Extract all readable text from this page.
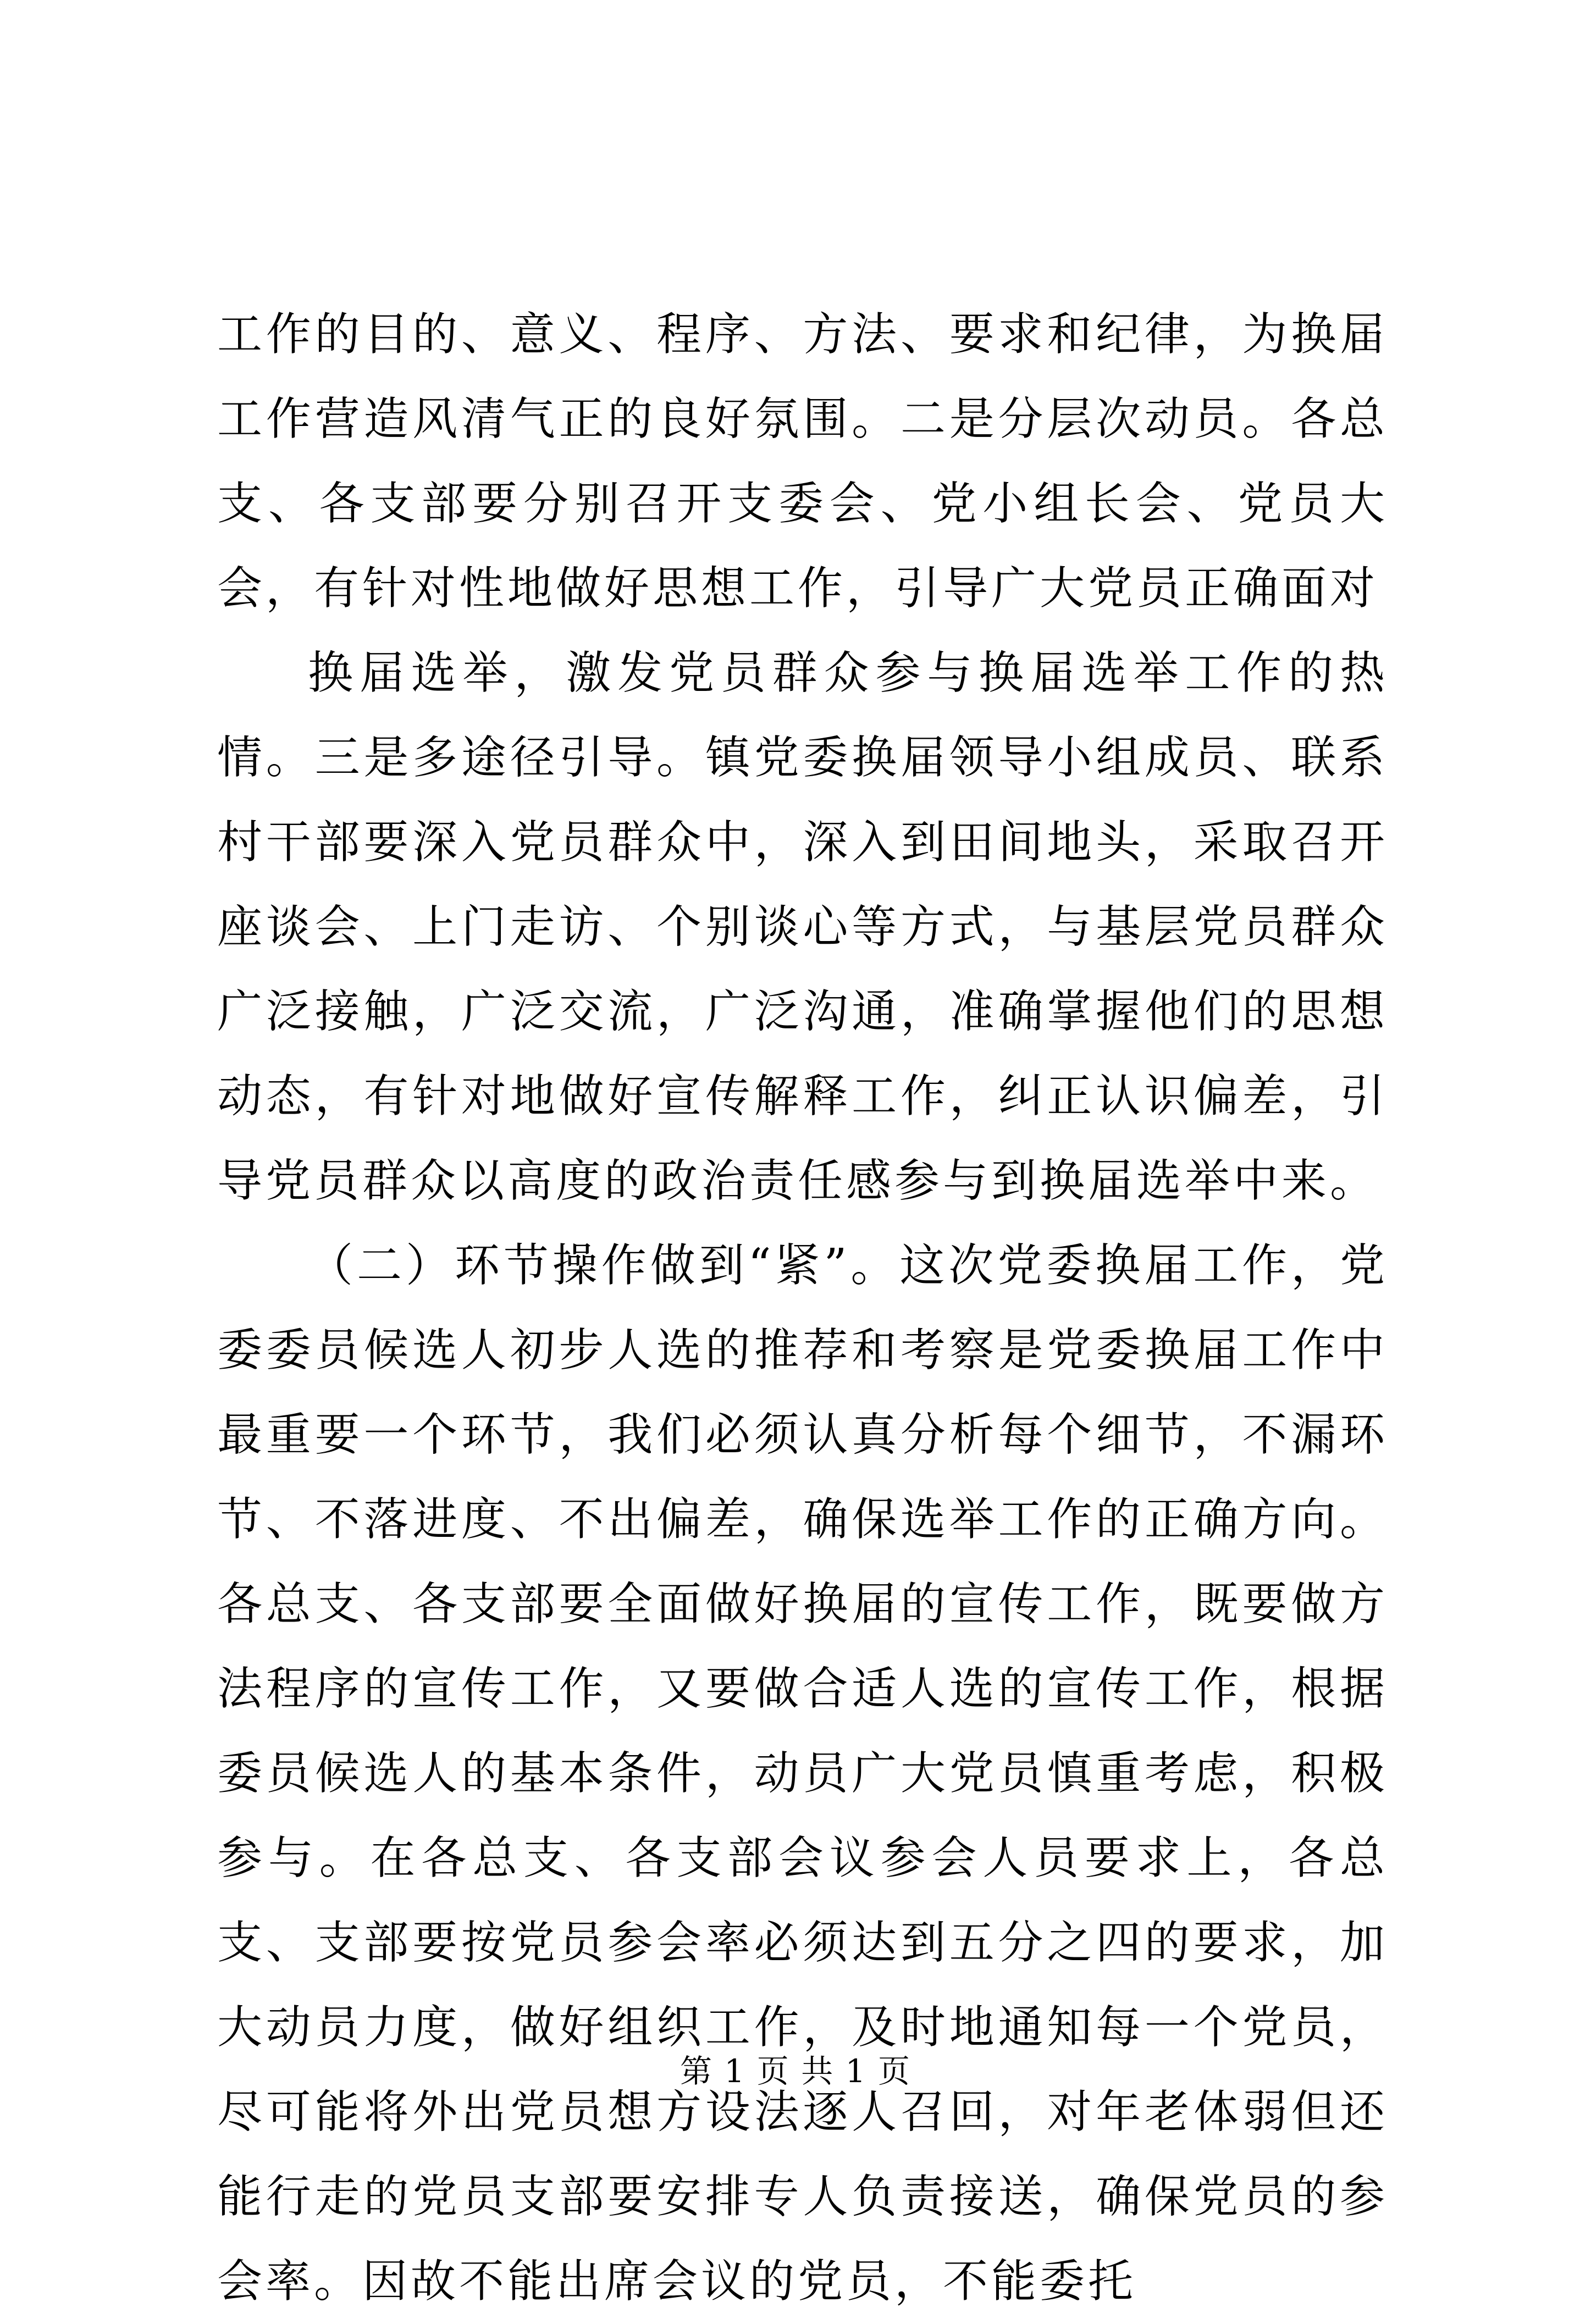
工作的目的、意义、程序、方法、要求和纪律，为换届工作营造风清气正的良好氛围。二是分层次动员。各总支、各支部要分别召开支委会、党小组长会、党员大会，有针对性地做好思想工作，引导广大党员正确面对

换届选举，激发党员群众参与换届选举工作的热情。三是多途径引导。镇党委换届领导小组成员、联系村干部要深入党员群众中，深入到田间地头，采取召开座谈会、上门走访、个别谈心等方式，与基层党员群众广泛接触，广泛交流，广泛沟通，准确掌握他们的思想动态，有针对地做好宣传解释工作，纠正认识偏差，引导党员群众以高度的政治责任感参与到换届选举中来。

（二）环节操作做到“紧”。这次党委换届工作，党委委员候选人初步人选的推荐和考察是党委换届工作中最重要一个环节，我们必须认真分析每个细节，不漏环节、不落进度、不出偏差，确保选举工作的正确方向。各总支、各支部要全面做好换届的宣传工作，既要做方法程序的宣传工作，又要做合适人选的宣传工作，根据委员候选人的基本条件，动员广大党员慎重考虑，积极参与。在各总支、各支部会议参会人员要求上，各总支、支部要按党员参会率必须达到五分之四的要求，加大动员力度，做好组织工作，及时地通知每一个党员，尽可能将外出党员想方设法逐人召回，对年老体弱但还能行走的党员支部要安排专人负责接送，确保党员的参会率。因故不能出席会议的党员，不能委托

第 1 页 共 1 页
